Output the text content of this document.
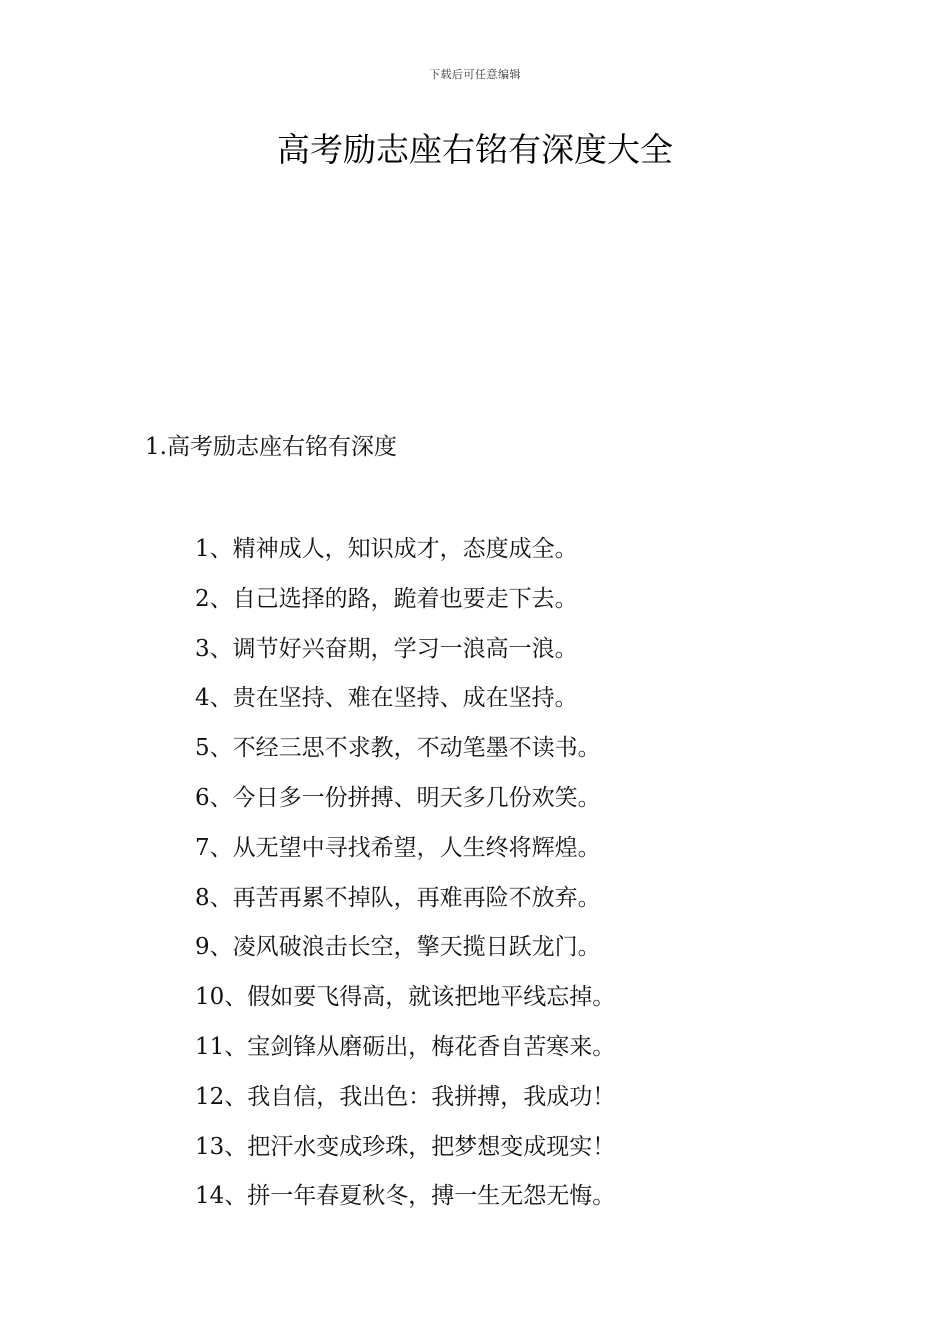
下载后可任意编辑
高考励志座右铭有深度大全
1.高考励志座右铭有深度
1、精神成人，知识成才，态度成全。
2、自己选择的路，跪着也要走下去。
3、调节好兴奋期，学习一浪高一浪。
4、贵在坚持、难在坚持、成在坚持。
5、不经三思不求教，不动笔墨不读书。
6、今日多一份拼搏、明天多几份欢笑。
7、从无望中寻找希望，人生终将辉煌。
8、再苦再累不掉队，再难再险不放弃。
9、凌风破浪击长空，擎天揽日跃龙门。
10、假如要飞得高，就该把地平线忘掉。
11、宝剑锋从磨砺出，梅花香自苦寒来。
12、我自信，我出色：我拼搏，我成功！
13、把汗水变成珍珠，把梦想变成现实！
14、拼一年春夏秋冬，搏一生无怨无悔。
